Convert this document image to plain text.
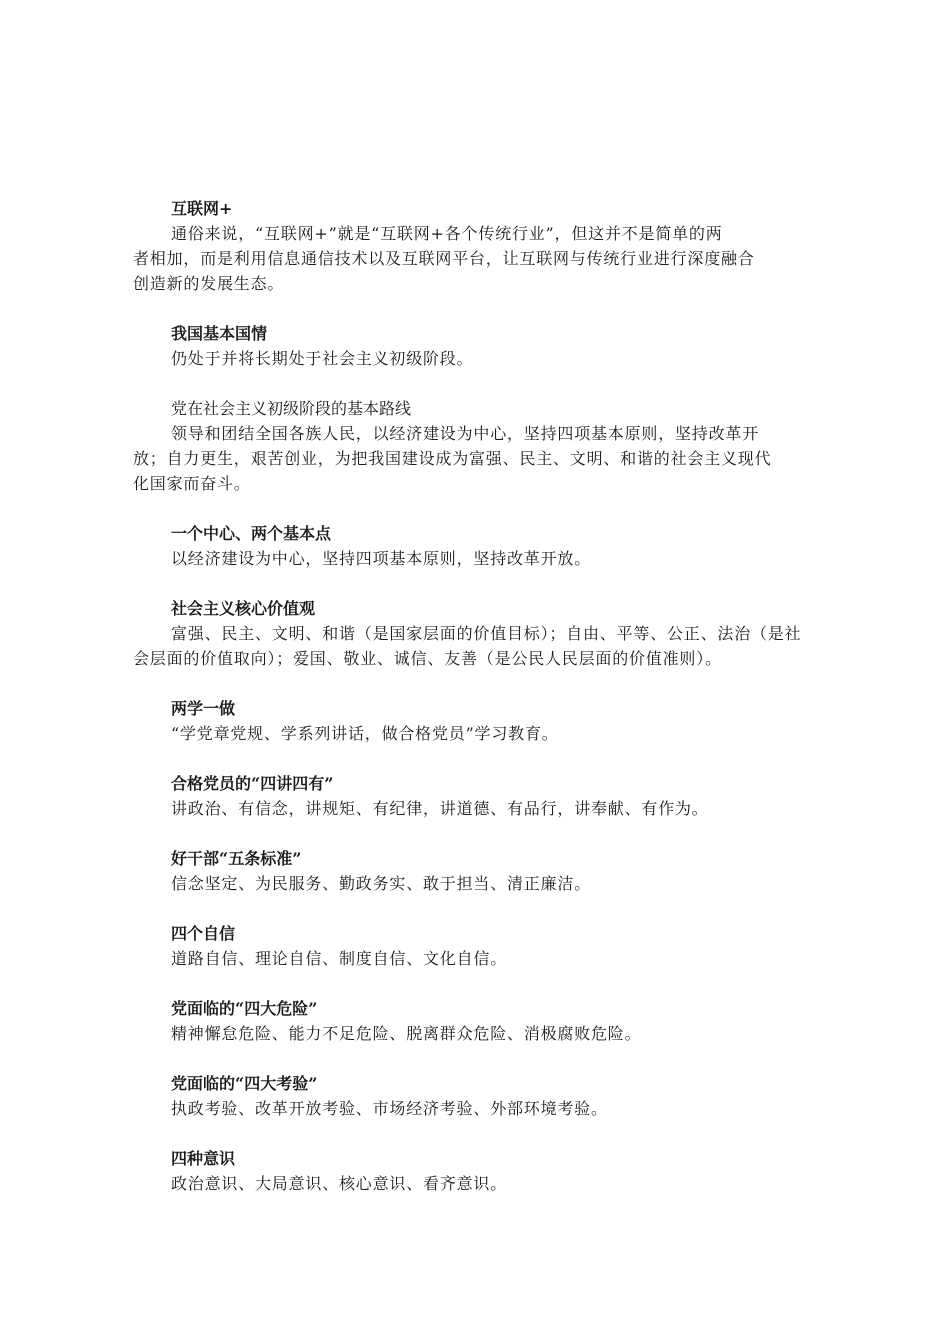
互联网+
通俗来说，“互联网+”就是“互联网+各个传统行业”，但这并不是简单的两
者相加，而是利用信息通信技术以及互联网平台，让互联网与传统行业进行深度融合
创造新的发展生态。
我国基本国情
仍处于并将长期处于社会主义初级阶段。
党在社会主义初级阶段的基本路线
领导和团结全国各族人民，以经济建设为中心，坚持四项基本原则，坚持改革开
放；自力更生，艰苦创业，为把我国建设成为富强、民主、文明、和谐的社会主义现代
化国家而奋斗。
一个中心、两个基本点
以经济建设为中心，坚持四项基本原则，坚持改革开放。
社会主义核心价值观
富强、民主、文明、和谐（是国家层面的价值目标）；自由、平等、公正、法治（是社
会层面的价值取向）；爱国、敬业、诚信、友善（是公民人民层面的价值准则）。
两学一做
“学党章党规、学系列讲话，做合格党员”学习教育。
合格党员的“四讲四有”
讲政治、有信念，讲规矩、有纪律，讲道德、有品行，讲奉献、有作为。
好干部“五条标准”
信念坚定、为民服务、勤政务实、敢于担当、清正廉洁。
四个自信
道路自信、理论自信、制度自信、文化自信。
党面临的“四大危险”
精神懈怠危险、能力不足危险、脱离群众危险、消极腐败危险。
党面临的“四大考验”
执政考验、改革开放考验、市场经济考验、外部环境考验。
四种意识
政治意识、大局意识、核心意识、看齐意识。
